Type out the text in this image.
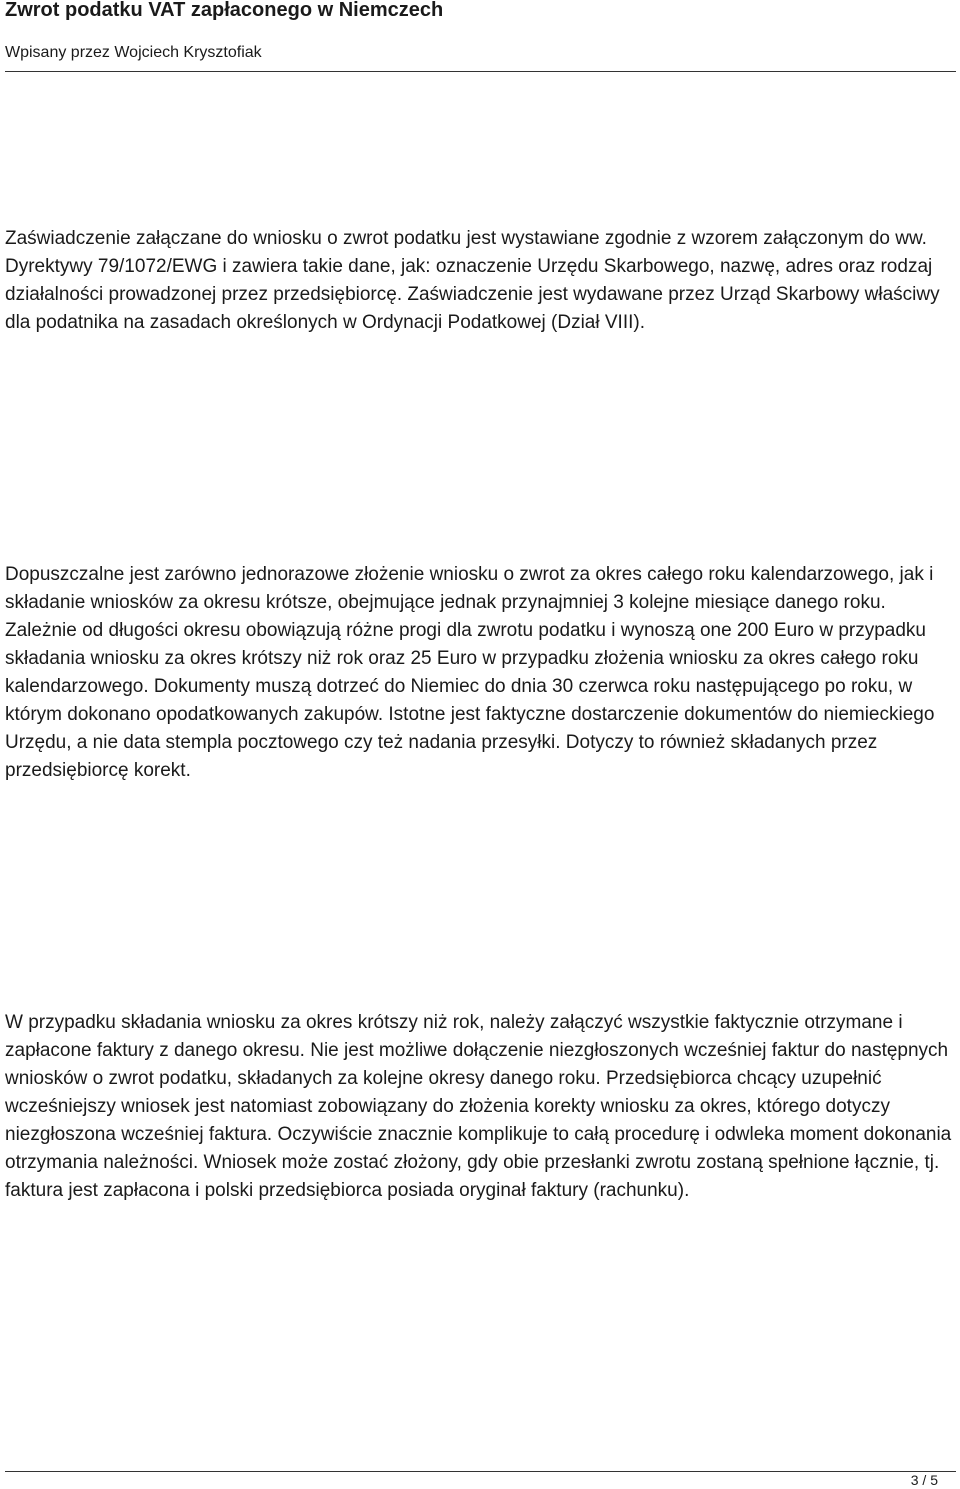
Zwrot podatku VAT zapłaconego w Niemczech
Wpisany przez Wojciech Krysztofiak

Zaświadczenie załączane do wniosku o zwrot podatku jest wystawiane zgodnie z wzorem załączonym do ww. Dyrektywy 79/1072/EWG i zawiera takie dane, jak: oznaczenie Urzędu Skarbowego, nazwę, adres oraz rodzaj działalności prowadzonej przez przedsiębiorcę. Zaświadczenie jest wydawane przez Urząd Skarbowy właściwy dla podatnika na zasadach określonych w Ordynacji Podatkowej (Dział VIII).

Dopuszczalne jest zarówno jednorazowe złożenie wniosku o zwrot za okres całego roku kalendarzowego, jak i składanie wniosków za okresu krótsze, obejmujące jednak przynajmniej 3 kolejne miesiące danego roku. Zależnie od długości okresu obowiązują różne progi dla zwrotu podatku i wynoszą one 200 Euro w przypadku składania wniosku za okres krótszy niż rok oraz 25 Euro w przypadku złożenia wniosku za okres całego roku kalendarzowego. Dokumenty muszą dotrzeć do Niemiec do dnia 30 czerwca roku następującego po roku, w którym dokonano opodatkowanych zakupów. Istotne jest faktyczne dostarczenie dokumentów do niemieckiego Urzędu, a nie data stempla pocztowego czy też nadania przesyłki. Dotyczy to również składanych przez przedsiębiorcę korekt.

W przypadku składania wniosku za okres krótszy niż rok, należy załączyć wszystkie faktycznie otrzymane i zapłacone faktury z danego okresu. Nie jest możliwe dołączenie niezgłoszonych wcześniej faktur do następnych wniosków o zwrot podatku, składanych za kolejne okresy danego roku. Przedsiębiorca chcący uzupełnić wcześniejszy wniosek jest natomiast zobowiązany do złożenia korekty wniosku za okres, którego dotyczy niezgłoszona wcześniej faktura. Oczywiście znacznie komplikuje to całą procedurę i odwleka moment dokonania otrzymania należności. Wniosek może zostać złożony, gdy obie przesłanki zwrotu zostaną spełnione łącznie, tj. faktura jest zapłacona i polski przedsiębiorca posiada oryginał faktury (rachunku).

3 / 5
